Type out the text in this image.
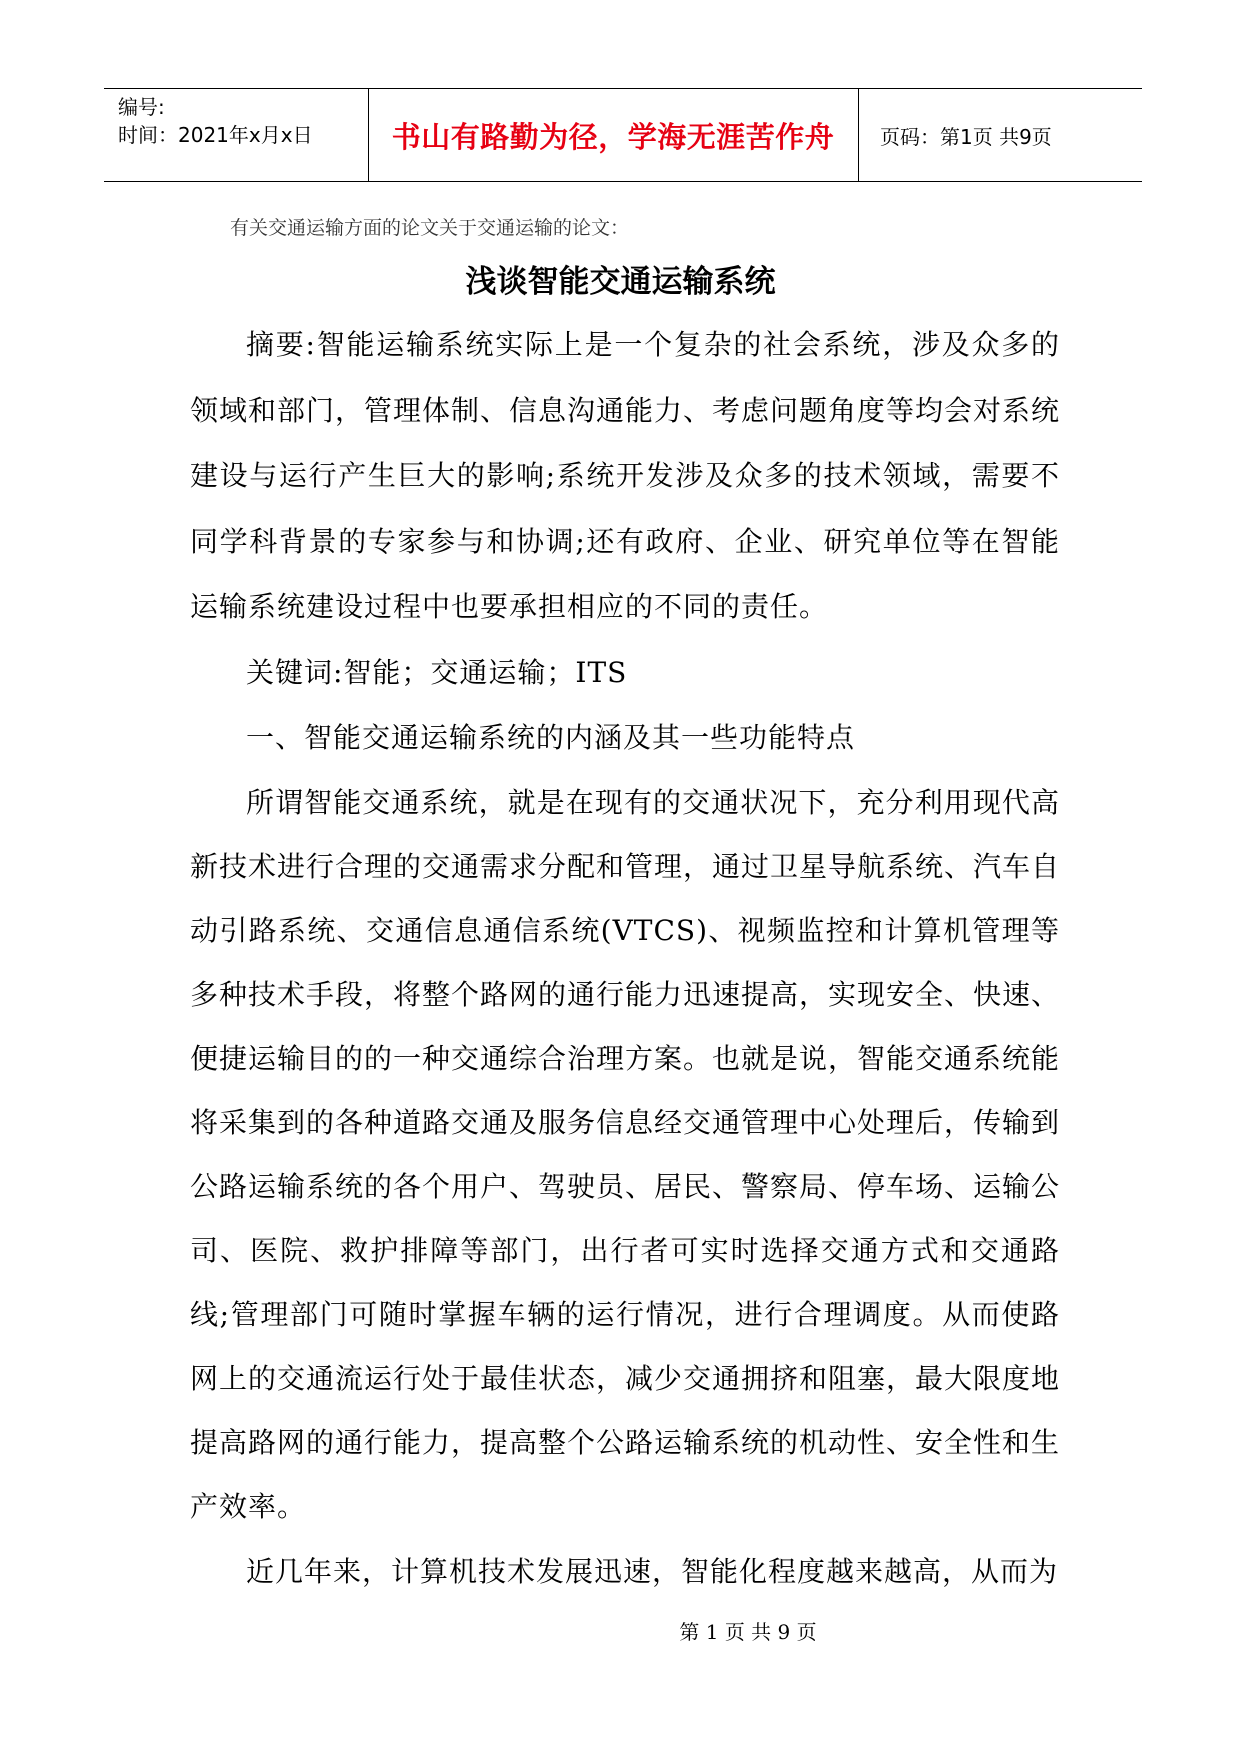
编号:
时间：2021年x月x日	书山有路勤为径，学海无涯苦作舟	页码：第1页 共9页
有关交通运输方面的论文关于交通运输的论文：
浅谈智能交通运输系统

摘要:智能运输系统实际上是一个复杂的社会系统，涉及众多的领域和部门，管理体制、信息沟通能力、考虑问题角度等均会对系统建设与运行产生巨大的影响;系统开发涉及众多的技术领域，需要不同学科背景的专家参与和协调;还有政府、企业、研究单位等在智能运输系统建设过程中也要承担相应的不同的责任。

关键词:智能；交通运输；ITS

一、智能交通运输系统的内涵及其一些功能特点

所谓智能交通系统，就是在现有的交通状况下，充分利用现代高新技术进行合理的交通需求分配和管理，通过卫星导航系统、汽车自动引路系统、交通信息通信系统(VTCS)、视频监控和计算机管理等多种技术手段，将整个路网的通行能力迅速提高，实现安全、快速、便捷运输目的的一种交通综合治理方案。也就是说，智能交通系统能将采集到的各种道路交通及服务信息经交通管理中心处理后，传输到公路运输系统的各个用户、驾驶员、居民、警察局、停车场、运输公司、医院、救护排障等部门，出行者可实时选择交通方式和交通路线;管理部门可随时掌握车辆的运行情况，进行合理调度。从而使路网上的交通流运行处于最佳状态，减少交通拥挤和阻塞，最大限度地提高路网的通行能力，提高整个公路运输系统的机动性、安全性和生产效率。

近几年来，计算机技术发展迅速，智能化程度越来越高，从而为

第 1 页 共 9 页
